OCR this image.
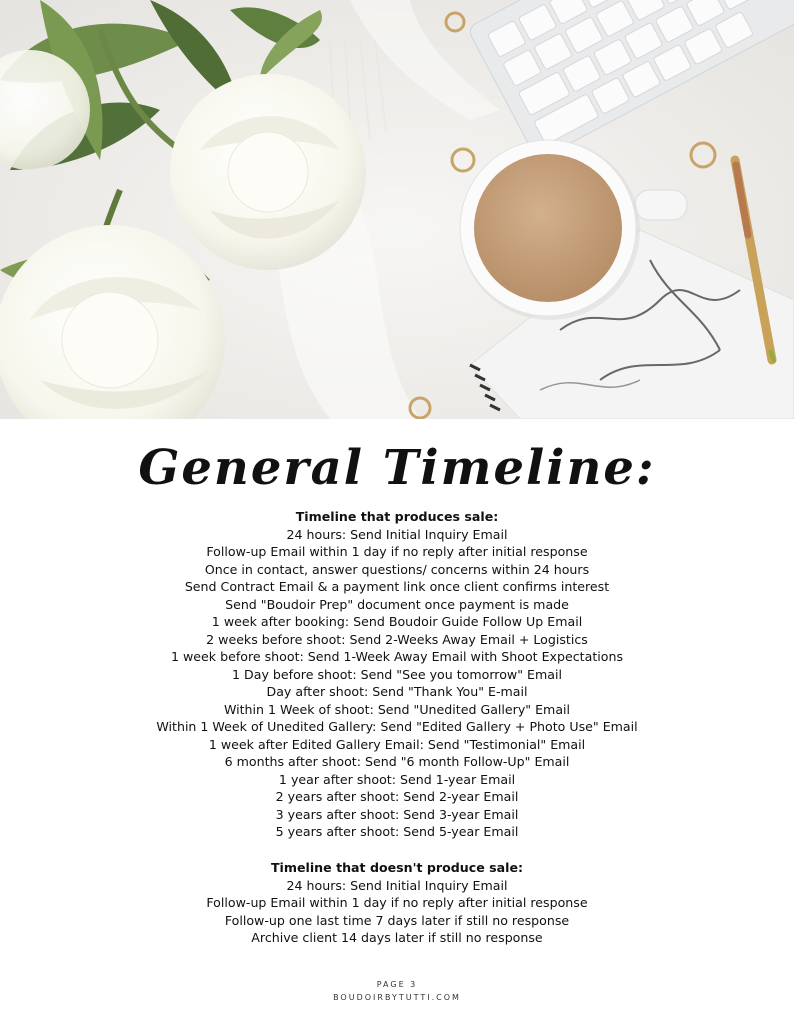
General Timeline:
Timeline that produces sale:
24 hours: Send Initial Inquiry Email
Follow-up Email within 1 day if no reply after initial response
Once in contact, answer questions/ concerns within 24 hours
Send Contract Email & a payment link once client confirms interest
Send "Boudoir Prep" document once payment is made
1 week after booking: Send Boudoir Guide Follow Up Email
2 weeks before shoot: Send 2-Weeks Away Email + Logistics
1 week before shoot: Send 1-Week Away Email with Shoot Expectations
1 Day before shoot: Send "See you tomorrow" Email
Day after shoot: Send "Thank You" E-mail
Within 1 Week of shoot: Send "Unedited Gallery" Email
Within 1 Week of Unedited Gallery: Send "Edited Gallery + Photo Use" Email
1 week after Edited Gallery Email: Send "Testimonial" Email
6 months after shoot: Send "6 month Follow-Up" Email
1 year after shoot: Send 1-year Email
2 years after shoot: Send 2-year Email
3 years after shoot: Send 3-year Email
5 years after shoot: Send 5-year Email
Timeline that doesn't produce sale:
24 hours: Send Initial Inquiry Email
Follow-up Email within 1 day if no reply after initial response
Follow-up one last time 7 days later if still no response
Archive client 14 days later if still no response
PAGE 3
BOUDOIRBYTUTTI.COM
